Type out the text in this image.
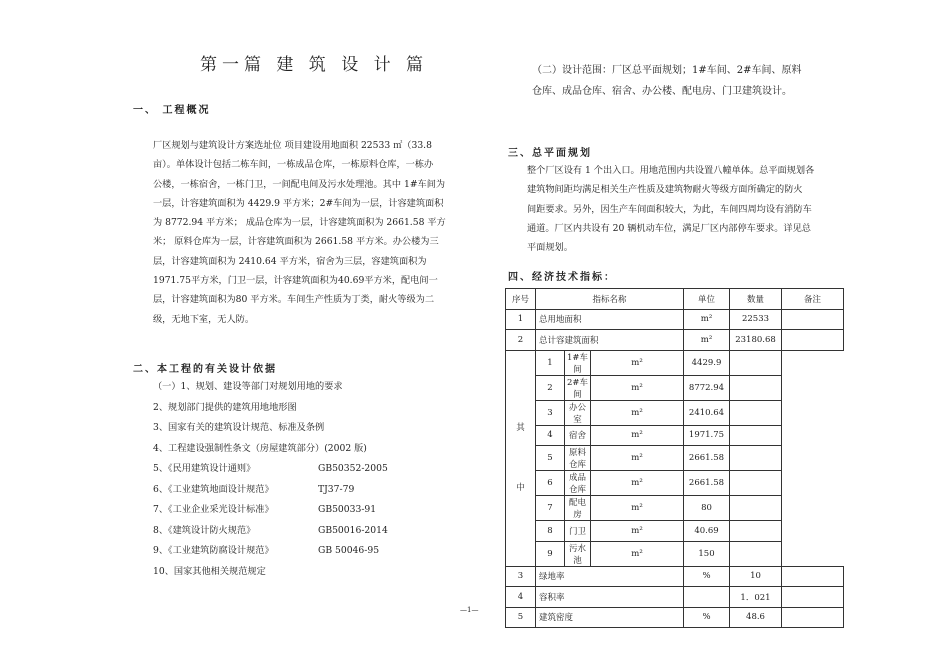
第一篇 建 筑 设 计 篇
一、 工程概况
厂区规划与建筑设计方案选址位 项目建设用地面积 22533 ㎡（33.8
亩）。单体设计包括二栋车间，一栋成品仓库，一栋原料仓库，一栋办
公楼，一栋宿舍，一栋门卫，一间配电间及污水处理池。其中 1#车间为
一层，计容建筑面积为 4429.9 平方米；2#车间为一层，计容建筑面积
为 8772.94 平方米； 成品仓库为一层，计容建筑面积为 2661.58 平方
米； 原料仓库为一层，计容建筑面积为 2661.58 平方米。办公楼为三
层，计容建筑面积为 2410.64 平方米，宿舍为三层，容建筑面积为
1971.75平方米，门卫一层，计容建筑面积为40.69平方米，配电间一
层，计容建筑面积为80 平方米。车间生产性质为丁类，耐火等级为二
级，无地下室，无人防。
二、本工程的有关设计依据
（一）1、规划、建设等部门对规划用地的要求
2、规划部门提供的建筑用地地形图
3、国家有关的建筑设计规范、标准及条例
4、工程建设强制性条文（房屋建筑部分）(2002 版)
5、《民用建筑设计通则》	GB50352-2005
6、《工业建筑地面设计规范》	TJ37-79
7、《工业企业采光设计标准》	GB50033-91
8、《建筑设计防火规范》	GB50016-2014
9、《工业建筑防腐设计规范》	GB 50046-95
10、国家其他相关规范规定
（二）设计范围：厂区总平面规划；1#车间、2#车间、原料
仓库、成品仓库、宿舍、办公楼、配电房、门卫建筑设计。
三、总平面规划
整个厂区设有 1 个出入口。用地范围内共设置八幢单体。总平面规划各
建筑物间距均满足相关生产性质及建筑物耐火等级方面所确定的防火
间距要求。另外，因生产车间面积较大，为此，车间四周均设有消防车
通道。厂区内共设有 20 辆机动车位，满足厂区内部停车要求。详见总
平面规划。
四、经济技术指标：
序号	指标名称			单位	数量	备注
1	总用地面积			m²	22533	
2	总计容建筑面积			m²	23180.68	

其
中	1	1#车间	m²	4429.9		
	2	2#车间	m²	8772.94		
	3	办公室	m²	2410.64		
	4	宿舍	m²	1971.75		
	5	原料仓库	m²	2661.58		
	6	成品仓库	m²	2661.58		
	7	配电房	m²	80		
	8	门卫	m²	40.69		
	9	污水池	m²	150		
3	绿地率			%	10	
4	容积率				1．021	
5	建筑密度			%	48.6	
—1—
